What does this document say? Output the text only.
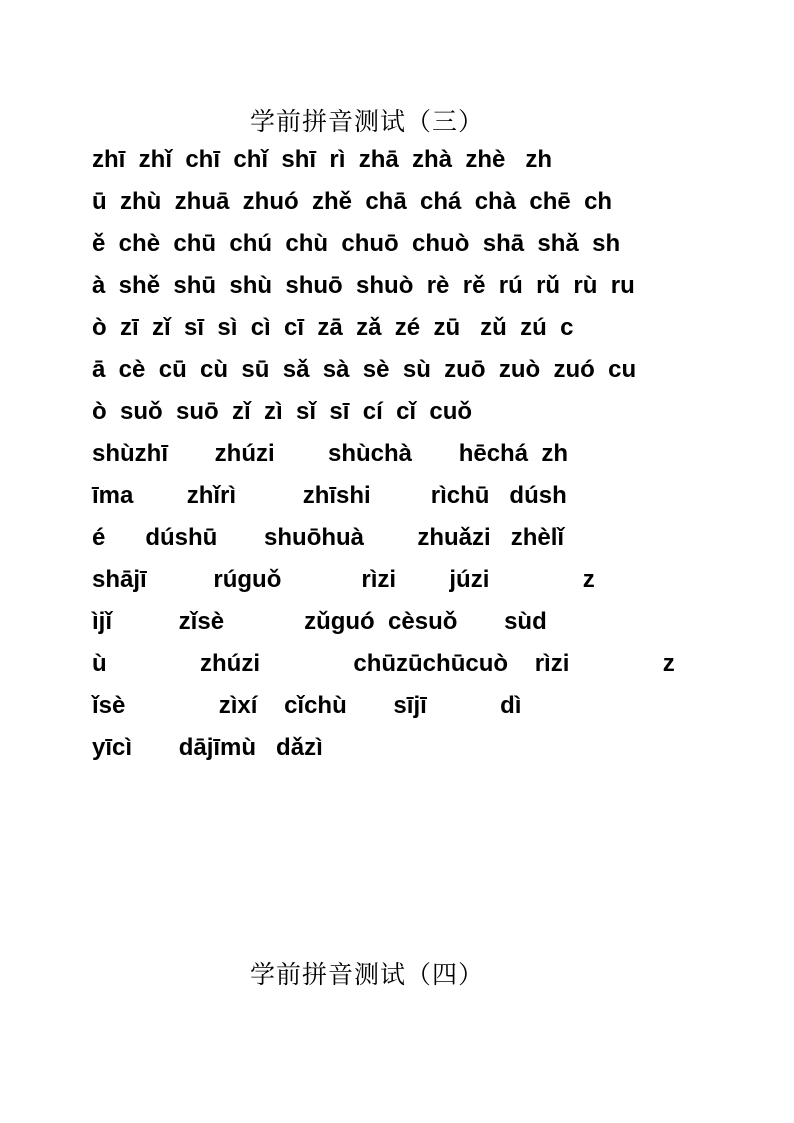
学前拼音测试（三）
zhī  zhǐ  chī  chǐ  shī  rì  zhā  zhà  zhè   zh
ū  zhù  zhuā  zhuó  zhě  chā  chá  chà  chē  ch
ě  chè  chū  chú  chù  chuō  chuò  shā  shǎ  sh
à  shě  shū  shù  shuō  shuò  rè  rě  rú  rǔ  rù  ru
ò  zī  zǐ  sī  sì  cì  cī  zā  zǎ  zé  zū   zǔ  zú  c
ā  cè  cū  cù  sū  sǎ  sà  sè  sù  zuō  zuò  zuó  cu
ò  suǒ  suō  zǐ  zì  sǐ  sī  cí  cǐ  cuǒ
shùzhī       zhúzi        shùchà       hēchá  zh
īma        zhǐrì          zhīshi         rìchū   dúsh
é      dúshū       shuōhuà        zhuǎzi   zhèlǐ
shājī          rúguǒ            rìzi        júzi              z
ìjǐ          zǐsè            zǔguó  cèsuǒ       sùd
ù              zhúzi              chūzūchūcuò    rìzi              z
ǐsè              zìxí    cǐchù       sījī           dì
yīcì       dājīmù   dǎzì
学前拼音测试（四）
